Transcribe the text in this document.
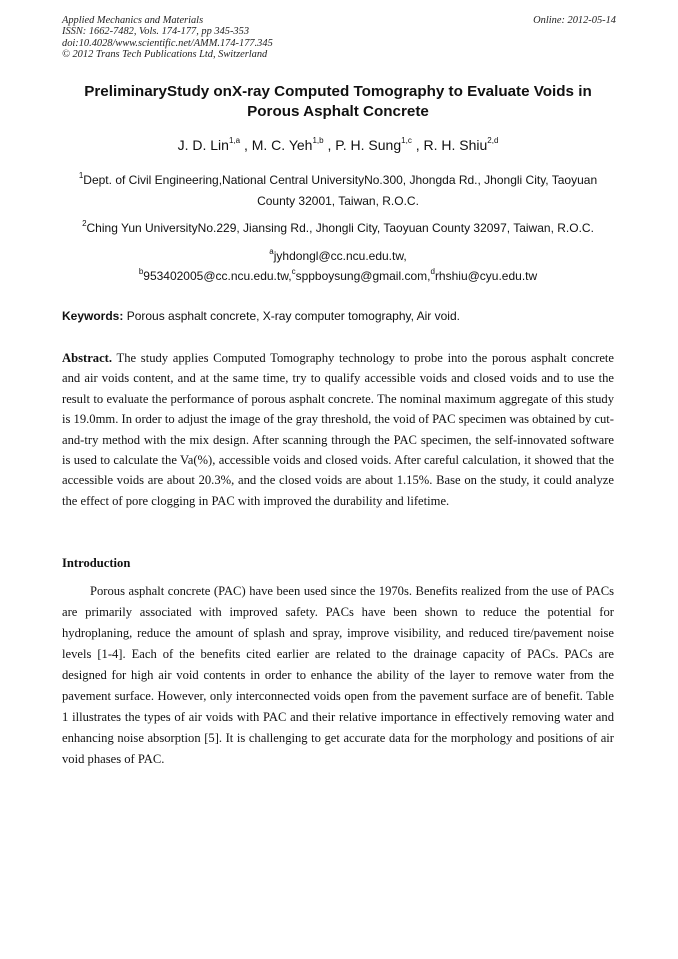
Applied Mechanics and Materials
ISSN: 1662-7482, Vols. 174-177, pp 345-353
doi:10.4028/www.scientific.net/AMM.174-177.345
© 2012 Trans Tech Publications Ltd, Switzerland
Online: 2012-05-14
PreliminaryStudy onX-ray Computed Tomography to Evaluate Voids in Porous Asphalt Concrete
J. D. Lin$^{1,a}$ , M. C. Yeh$^{1,b}$ , P. H. Sung$^{1,c}$ , R. H. Shiu$^{2,d}$
$^1$Dept. of Civil Engineering,National Central UniversityNo.300, Jhongda Rd., Jhongli City, Taoyuan County 32001, Taiwan, R.O.C.
$^2$Ching Yun UniversityNo.229, Jiansing Rd., Jhongli City, Taoyuan County 32097, Taiwan, R.O.C.
$^a$jyhdongl@cc.ncu.edu.tw,
$^b$953402005@cc.ncu.edu.tw,$^c$sppboysung@gmail.com,$^d$rhshiu@cyu.edu.tw
Keywords: Porous asphalt concrete, X-ray computer tomography, Air void.
Abstract. The study applies Computed Tomography technology to probe into the porous asphalt concrete and air voids content, and at the same time, try to qualify accessible voids and closed voids and to use the result to evaluate the performance of porous asphalt concrete. The nominal maximum aggregate of this study is 19.0mm. In order to adjust the image of the gray threshold, the void of PAC specimen was obtained by cut-and-try method with the mix design. After scanning through the PAC specimen, the self-innovated software is used to calculate the Va(%), accessible voids and closed voids. After careful calculation, it showed that the accessible voids are about 20.3%, and the closed voids are about 1.15%. Base on the study, it could analyze the effect of pore clogging in PAC with improved the durability and lifetime.
Introduction
Porous asphalt concrete (PAC) have been used since the 1970s. Benefits realized from the use of PACs are primarily associated with improved safety. PACs have been shown to reduce the potential for hydroplaning, reduce the amount of splash and spray, improve visibility, and reduced tire/pavement noise levels [1-4]. Each of the benefits cited earlier are related to the drainage capacity of PACs. PACs are designed for high air void contents in order to enhance the ability of the layer to remove water from the pavement surface. However, only interconnected voids open from the pavement surface are of benefit. Table 1 illustrates the types of air voids with PAC and their relative importance in effectively removing water and enhancing noise absorption [5]. It is challenging to get accurate data for the morphology and positions of air void phases of PAC.
